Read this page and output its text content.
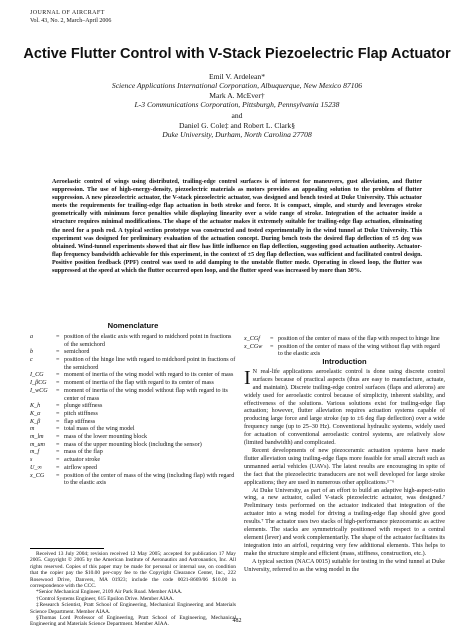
JOURNAL OF AIRCRAFT
Vol. 43, No. 2, March–April 2006
Active Flutter Control with V-Stack Piezoelectric Flap Actuator
Emil V. Ardelean*
Science Applications International Corporation, Albuquerque, New Mexico 87106
Mark A. McEver†
L-3 Communications Corporation, Pittsburgh, Pennsylvania 15238
and
Daniel G. Cole‡ and Robert L. Clark§
Duke University, Durham, North Carolina 27708
Aeroelastic control of wings using distributed, trailing-edge control surfaces is of interest for maneuvers, gust alleviation, and flutter suppression. The use of high-energy-density, piezoelectric materials as motors provides an appealing solution to the problem of flutter suppression. A new piezoelectric actuator, the V-stack piezoelectric actuator, was designed and bench tested at Duke University. This actuator meets the requirements for trailing-edge flap actuation in both stroke and force. It is compact, simple, and sturdy and leverages stroke geometrically with minimum force penalties while displaying linearity over a wide range of stroke. Integration of the actuator inside a structure requires minimal modifications. The shape of the actuator makes it extremely suitable for trailing-edge flap actuation, eliminating the need for a push rod. A typical section prototype was constructed and tested experimentally in the wind tunnel at Duke University. This experiment was designed for preliminary evaluation of the actuation concept. During bench tests the desired flap deflection of ±5 deg was obtained. Wind-tunnel experiments showed that air flow has little influence on flap deflection, suggesting good actuation authority. Actuator-flap frequency bandwidth achievable for this experiment, in the context of ±5 deg flap deflection, was sufficient and facilitated control design. Positive position feedback (PPF) control was used to add damping to the unstable flutter mode. Operating in closed loop, the flutter was suppressed at the speed at which the flutter occurred open loop, and the flutter speed was increased by more than 30%.
Nomenclature
a	= position of the elastic axis with regard to midchord point in fractions of the semichord
b	= semichord
c	= position of the hinge line with regard to midchord point in fractions of the semichord
I_CG	= moment of inertia of the wing model with regard to its center of mass
I_βCG	= moment of inertia of the flap with regard to its center of mass
I_wCG	= moment of inertia of the wing model without flap with regard to its center of mass
K_h	= plunge stiffness
K_α	= pitch stiffness
K_β	= flap stiffness
m	= total mass of the wing model
m_lm	= mass of the lower mounting block
m_um	= mass of the upper mounting block (including the sensor)
m_f	= mass of the flap
s	= actuator stroke
U_∞	= airflow speed
x_CG	= position of the center of mass of the wing (including flap) with regard to the elastic axis
x_CGf	= position of the center of mass of the flap with respect to hinge line
x_CGw	= position of the center of mass of the wing without flap with regard to the elastic axis
Introduction

I N real-life applications aeroelastic control is done using discrete control surfaces because of practical aspects (thus are easy to manufacture, actuate, and maintain). Discrete trailing-edge control surfaces (flaps and ailerons) are widely used for aeroelastic control because of simplicity, inherent stability, and effectiveness of the solutions. Various solutions exist for trailing-edge flap actuation; however, flutter alleviation requires actuation systems capable of producing large force and large stroke (up to ±6 deg flap deflection) over a wide frequency range (up to 25–30 Hz). Conventional hydraulic systems, widely used for actuation of conventional aeroelastic control systems, are relatively slow (limited bandwidth) and complicated.

Recent developments of new piezoceramic actuation systems have made flutter alleviation using trailing-edge flaps more feasible for small aircraft such as unmanned aerial vehicles (UAVs). The latest results are encouraging in spite of the fact that the piezoelectric transducers are not well developed for large stroke applications; they are used in numerous other applications.¹⁻⁶

At Duke University, as part of an effort to build an adaptive high-aspect-ratio wing, a new actuator, called V-stack piezoelectric actuator, was designed.⁷ Preliminary tests performed on the actuator indicated that integration of the actuator into a wing model for driving a trailing-edge flap should give good results.⁷ The actuator uses two stacks of high-performance piezoceramic as active elements. The stacks are symmetrically positioned with respect to a central element (lever) and work complementarily. The shape of the actuator facilitates its integration into an airfoil, requiring very few additional elements. This helps to make the structure simple and efficient (mass, stiffness, construction, etc.).

A typical section (NACA 0015) suitable for testing in the wind tunnel at Duke University, referred to as the wing model in the

Received 13 July 2004; revision received 12 May 2005; accepted for publication 17 May 2005. Copyright © 2005 by the American Institute of Aeronautics and Astronautics, Inc. All rights reserved. Copies of this paper may be made for personal or internal use, on condition that the copier pay the $10.00 per-copy fee to the Copyright Clearance Center, Inc., 222 Rosewood Drive, Danvers, MA 01923; include the code 0021-8669/06 $10.00 in correspondence with the CCC.

*Senior Mechanical Engineer, 2109 Air Park Road. Member AIAA.

†Control Systems Engineer, 615 Epsilon Drive. Member AIAA.

‡Research Scientist, Pratt School of Engineering, Mechanical Engineering and Materials Science Department. Member AIAA.

§Thomas Lord Professor of Engineering, Pratt School of Engineering, Mechanical Engineering and Materials Science Department. Member AIAA.

482
